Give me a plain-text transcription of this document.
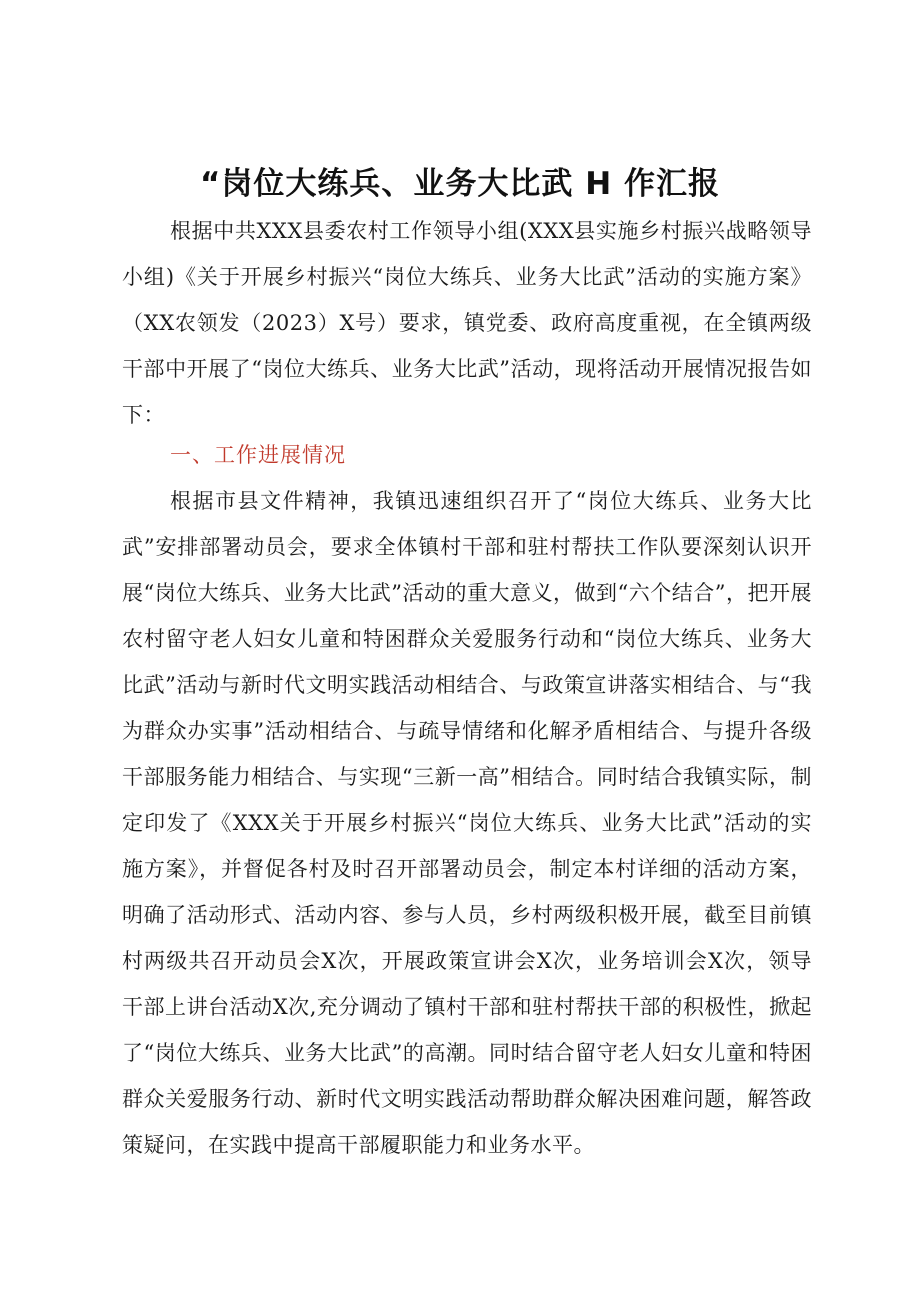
“岗位大练兵、业务大比武 H 作汇报
根据中共XXX县委农村工作领导小组(XXX县实施乡村振兴战略领导小组)《关于开展乡村振兴“岗位大练兵、业务大比武”活动的实施方案》（XX农领发（2023）X号）要求，镇党委、政府高度重视，在全镇两级干部中开展了“岗位大练兵、业务大比武”活动，现将活动开展情况报告如下：
一、工作进展情况
根据市县文件精神，我镇迅速组织召开了“岗位大练兵、业务大比武”安排部署动员会，要求全体镇村干部和驻村帮扶工作队要深刻认识开展“岗位大练兵、业务大比武”活动的重大意义，做到“六个结合”，把开展农村留守老人妇女儿童和特困群众关爱服务行动和“岗位大练兵、业务大比武”活动与新时代文明实践活动相结合、与政策宣讲落实相结合、与“我为群众办实事”活动相结合、与疏导情绪和化解矛盾相结合、与提升各级干部服务能力相结合、与实现“三新一高”相结合。同时结合我镇实际，制定印发了《XXX关于开展乡村振兴“岗位大练兵、业务大比武”活动的实施方案》，并督促各村及时召开部署动员会，制定本村详细的活动方案，明确了活动形式、活动内容、参与人员，乡村两级积极开展，截至目前镇村两级共召开动员会X次，开展政策宣讲会X次，业务培训会X次，领导干部上讲台活动X次,充分调动了镇村干部和驻村帮扶干部的积极性，掀起了“岗位大练兵、业务大比武”的高潮。同时结合留守老人妇女儿童和特困群众关爱服务行动、新时代文明实践活动帮助群众解决困难问题，解答政策疑问，在实践中提高干部履职能力和业务水平。
